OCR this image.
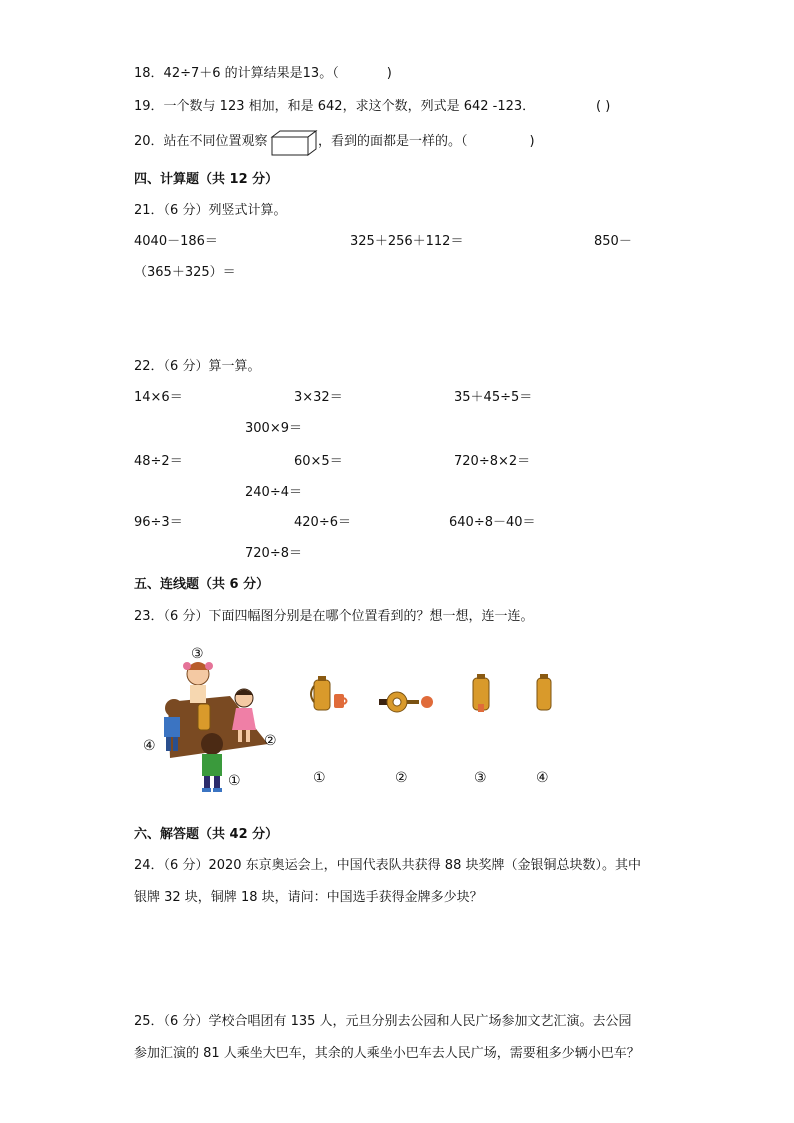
18．42÷7＋6 的计算结果是13。（	)
19．一个数与 123 相加，和是 642，求这个数，列式是 642 -123．	( )
20．站在不同位置观察	，看到的面都是一样的。（	)
四、计算题（共 12 分）
21．（6 分）列竖式计算。
4040－186＝	325＋256＋112＝	850－
（365＋325）＝
22．（6 分）算一算。
14×6＝	3×32＝	35＋45÷5＝
300×9＝
48÷2＝	60×5＝	720÷8×2＝
240÷4＝
96÷3＝	420÷6＝	640÷8－40＝
720÷8＝
五、连线题（共 6 分）
23．（6 分）下面四幅图分别是在哪个位置看到的？想一想，连一连。
③
②
④
①	①	②	③	④
六、解答题（共 42 分）
24．（6 分）2020 东京奥运会上，中国代表队共获得 88 块奖牌（金银铜总块数）。其中
银牌 32 块，铜牌 18 块，请问：中国选手获得金牌多少块？
25．（6 分）学校合唱团有 135 人，元旦分别去公园和人民广场参加文艺汇演。去公园
参加汇演的 81 人乘坐大巴车，其余的人乘坐小巴车去人民广场，需要租多少辆小巴车？
